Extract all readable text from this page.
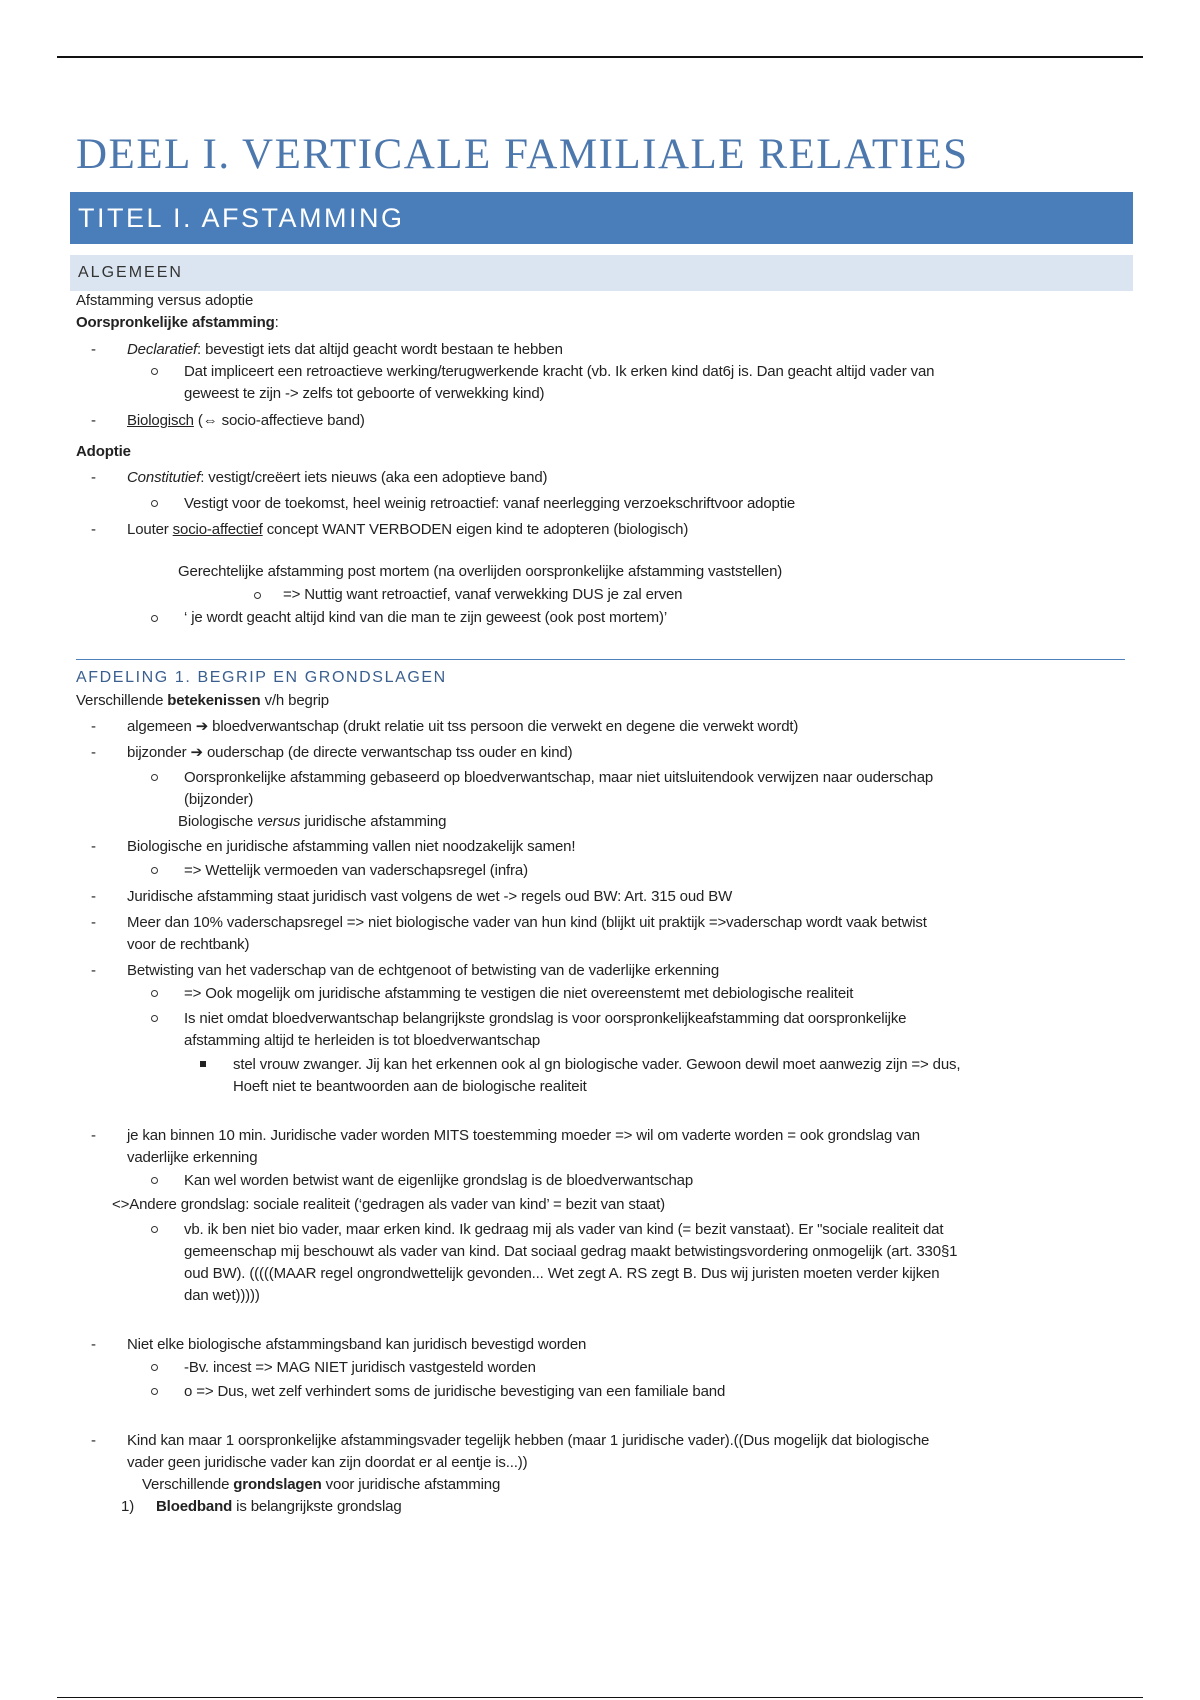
DEEL I. VERTICALE FAMILIALE RELATIES
TITEL I. AFSTAMMING
ALGEMEEN
Afstamming versus adoptie
Oorspronkelijke afstamming:
- Declaratief: bevestigt iets dat altijd geacht wordt bestaan te hebben
Dat impliceert een retroactieve werking/terugwerkende kracht (vb. Ik erken kind dat6j is. Dan geacht altijd vader van
geweest te zijn -> zelfs tot geboorte of verwekking kind)
- Biologisch (⇔ socio-affectieve band)
Adoptie
- Constitutief: vestigt/creëert iets nieuws (aka een adoptieve band)
Vestigt voor de toekomst, heel weinig retroactief: vanaf neerlegging verzoekschriftvoor adoptie
- Louter socio-affectief concept WANT VERBODEN eigen kind te adopteren (biologisch)
Gerechtelijke afstamming post mortem (na overlijden oorspronkelijke afstamming vaststellen)
=> Nuttig want retroactief, vanaf verwekking DUS je zal erven
‘ je wordt geacht altijd kind van die man te zijn geweest (ook post mortem)’
AFDELING 1. BEGRIP EN GRONDSLAGEN
Verschillende betekenissen v/h begrip
- algemeen ➔ bloedverwantschap (drukt relatie uit tss persoon die verwekt en degene die verwekt wordt)
- bijzonder ➔ ouderschap (de directe verwantschap tss ouder en kind)
Oorspronkelijke afstamming gebaseerd op bloedverwantschap, maar niet uitsluitendook verwijzen naar ouderschap
(bijzonder)
Biologische versus juridische afstamming
- Biologische en juridische afstamming vallen niet noodzakelijk samen!
=> Wettelijk vermoeden van vaderschapsregel (infra)
- Juridische afstamming staat juridisch vast volgens de wet -> regels oud BW: Art. 315 oud BW
- Meer dan 10% vaderschapsregel => niet biologische vader van hun kind (blijkt uit praktijk =>vaderschap wordt vaak betwist
voor de rechtbank)
- Betwisting van het vaderschap van de echtgenoot of betwisting van de vaderlijke erkenning
=> Ook mogelijk om juridische afstamming te vestigen die niet overeenstemt met debiologische realiteit
Is niet omdat bloedverwantschap belangrijkste grondslag is voor oorspronkelijkeafstamming dat oorspronkelijke
afstamming altijd te herleiden is tot bloedverwantschap
stel vrouw zwanger. Jij kan het erkennen ook al gn biologische vader. Gewoon dewil moet aanwezig zijn => dus,
Hoeft niet te beantwoorden aan de biologische realiteit
- je kan binnen 10 min. Juridische vader worden MITS toestemming moeder => wil om vaderte worden = ook grondslag van
vaderlijke erkenning
Kan wel worden betwist want de eigenlijke grondslag is de bloedverwantschap
<>Andere grondslag: sociale realiteit (‘gedragen als vader van kind’ = bezit van staat)
vb. ik ben niet bio vader, maar erken kind. Ik gedraag mij als vader van kind (= bezit vanstaat). Er "sociale realiteit dat
gemeenschap mij beschouwt als vader van kind. Dat sociaal gedrag maakt betwistingsvordering onmogelijk (art. 330§1
oud BW). (((((MAAR regel ongrondwettelijk gevonden... Wet zegt A. RS zegt B. Dus wij juristen moeten verder kijken
dan wet)))))
- Niet elke biologische afstammingsband kan juridisch bevestigd worden
-Bv. incest => MAG NIET juridisch vastgesteld worden
o => Dus, wet zelf verhindert soms de juridische bevestiging van een familiale band
- Kind kan maar 1 oorspronkelijke afstammingsvader tegelijk hebben (maar 1 juridische vader).((Dus mogelijk dat biologische
vader geen juridische vader kan zijn doordat er al eentje is...))
Verschillende grondslagen voor juridische afstamming
1) Bloedband is belangrijkste grondslag
